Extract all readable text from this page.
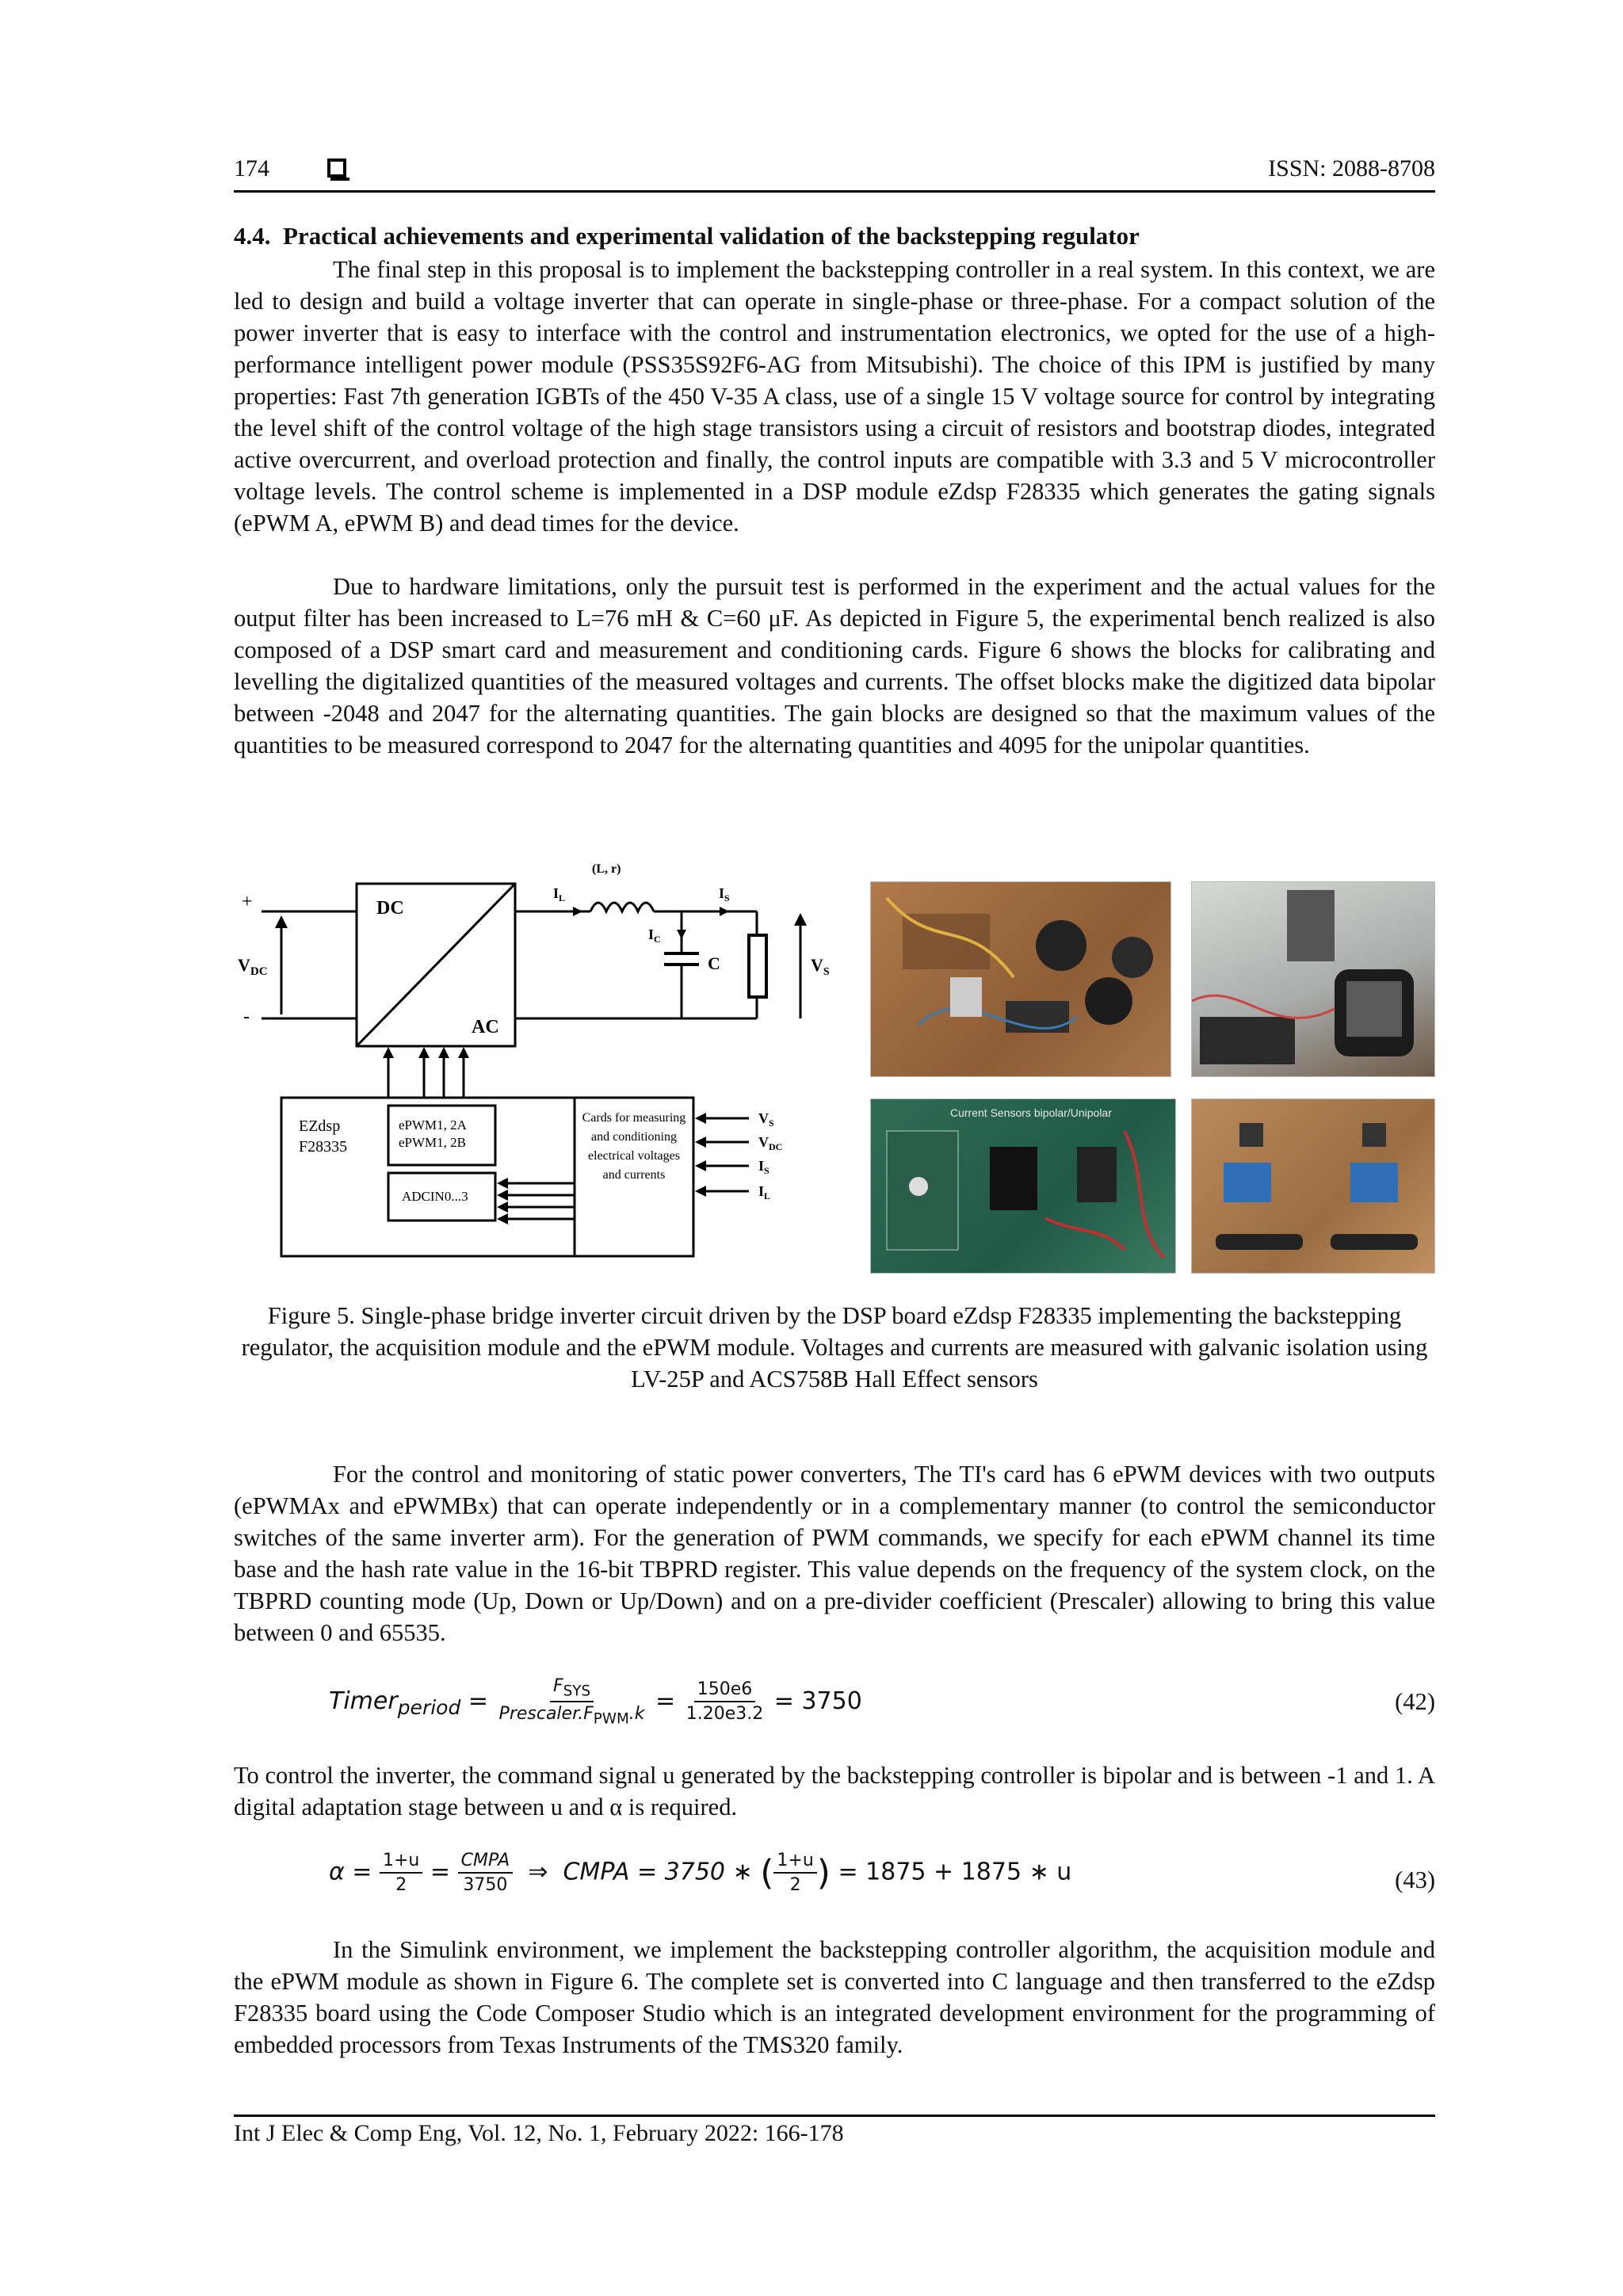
174	ISSN: 2088-8708
4.4. Practical achievements and experimental validation of the backstepping regulator

The final step in this proposal is to implement the backstepping controller in a real system. In this context, we are led to design and build a voltage inverter that can operate in single-phase or three-phase. For a compact solution of the power inverter that is easy to interface with the control and instrumentation electronics, we opted for the use of a high-performance intelligent power module (PSS35S92F6-AG from Mitsubishi). The choice of this IPM is justified by many properties: Fast 7th generation IGBTs of the 450 V-35 A class, use of a single 15 V voltage source for control by integrating the level shift of the control voltage of the high stage transistors using a circuit of resistors and bootstrap diodes, integrated active overcurrent, and overload protection and finally, the control inputs are compatible with 3.3 and 5 V microcontroller voltage levels. The control scheme is implemented in a DSP module eZdsp F28335 which generates the gating signals (ePWM A, ePWM B) and dead times for the device.

Due to hardware limitations, only the pursuit test is performed in the experiment and the actual values for the output filter has been increased to L=76 mH & C=60 μF. As depicted in Figure 5, the experimental bench realized is also composed of a DSP smart card and measurement and conditioning cards. Figure 6 shows the blocks for calibrating and levelling the digitalized quantities of the measured voltages and currents. The offset blocks make the digitized data bipolar between -2048 and 2047 for the alternating quantities. The gain blocks are designed so that the maximum values of the quantities to be measured correspond to 2047 for the alternating quantities and 4095 for the unipolar quantities.

+
-
$V_{DC}$
DC
AC
$I_L$
(L, r)
$I_S$
$I_C$
C	$V_S$
EZdsp
F28335
ePWM1, 2A
ePWM1, 2B
ADCIN0...3
Cards for measuring
and conditioning
electrical voltages
and currents
$V_S$
$V_{DC}$
$I_S$
$I_L$
Current Sensors bipolar/Unipolar
Figure 5. Single-phase bridge inverter circuit driven by the DSP board eZdsp F28335 implementing the backstepping regulator, the acquisition module and the ePWM module. Voltages and currents are measured with galvanic isolation using LV-25P and ACS758B Hall Effect sensors

For the control and monitoring of static power converters, The TI's card has 6 ePWM devices with two outputs (ePWMAx and ePWMBx) that can operate independently or in a complementary manner (to control the semiconductor switches of the same inverter arm). For the generation of PWM commands, we specify for each ePWM channel its time base and the hash rate value in the 16-bit TBPRD register. This value depends on the frequency of the system clock, on the TBPRD counting mode (Up, Down or Up/Down) and on a pre-divider coefficient (Prescaler) allowing to bring this value between 0 and 65535.

Timer$_{period}$ = $\frac{F_{SYS}}{Prescaler.F_{PWM}.k} = \frac{150e6}{1.20e3.2} = 3750$	(42)

To control the inverter, the command signal u generated by the backstepping controller is bipolar and is between -1 and 1. A digital adaptation stage between u and α is required.

$\alpha = \frac{1+u}{2} = \frac{\text{CMPA}}{3750}$ ⇒ CMPA = 3750 ∗ ( $\frac{1+u}{2}$ ) = 1875 + 1875 ∗ u	(43)

In the Simulink environment, we implement the backstepping controller algorithm, the acquisition module and the ePWM module as shown in Figure 6. The complete set is converted into C language and then transferred to the eZdsp F28335 board using the Code Composer Studio which is an integrated development environment for the programming of embedded processors from Texas Instruments of the TMS320 family.

Int J Elec & Comp Eng, Vol. 12, No. 1, February 2022: 166-178
